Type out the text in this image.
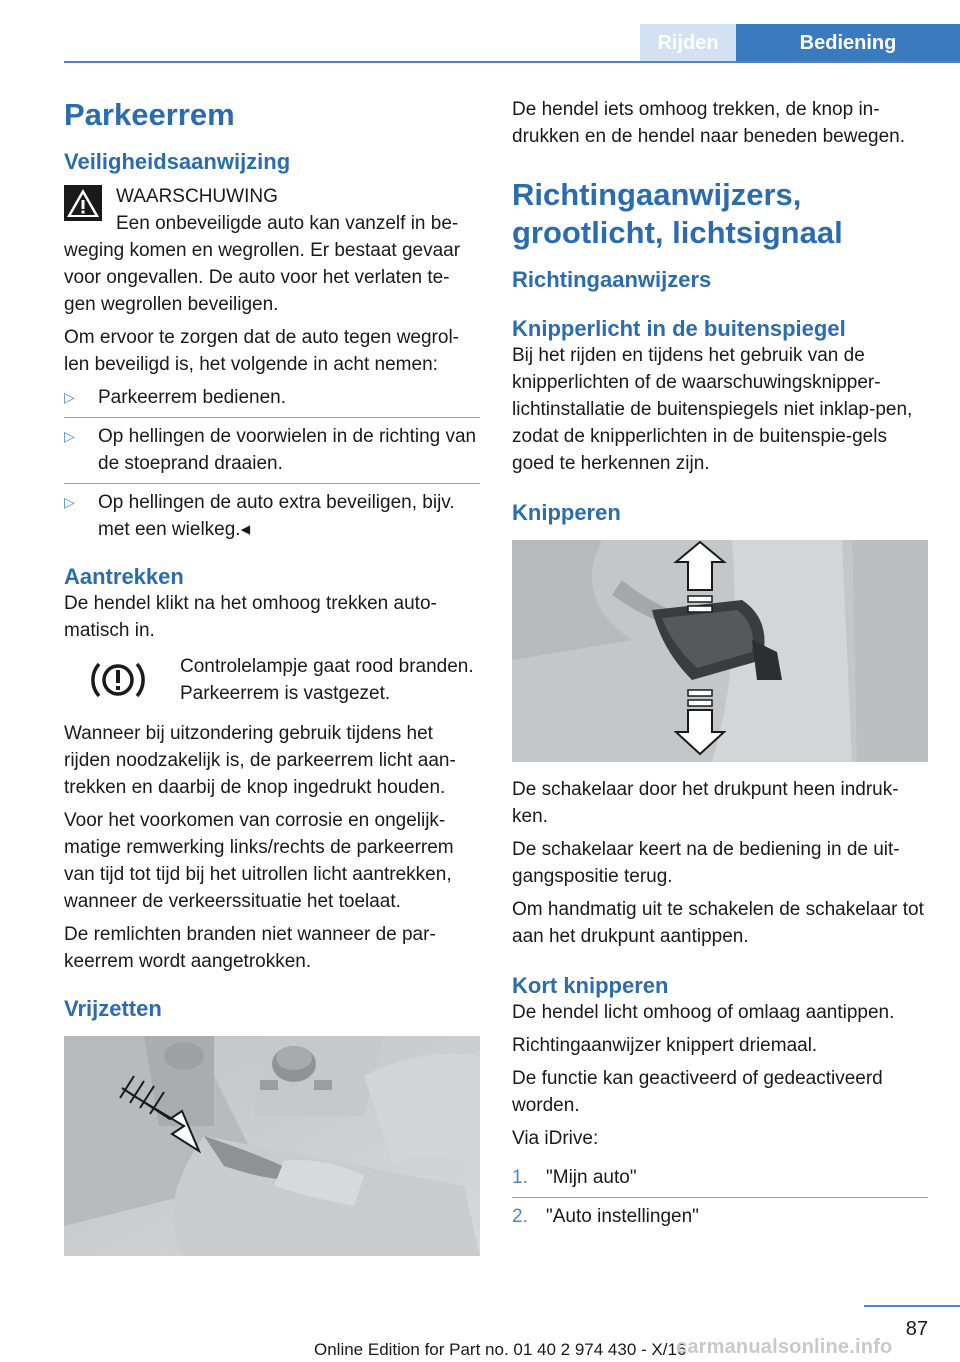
Rijden	Bediening
Parkeerrem
Veiligheidsaanwijzing

WAARSCHUWING

Een onbeveiligde auto kan vanzelf in be-weging komen en wegrollen. Er bestaat gevaar voor ongevallen. De auto voor het verlaten te-gen wegrollen beveiligen.

Om ervoor te zorgen dat de auto tegen wegrol-len beveiligd is, het volgende in acht nemen:

▷ Parkeerrem bedienen.
▷ Op hellingen de voorwielen in de richting van de stoeprand draaien.
▷ Op hellingen de auto extra beveiligen, bijv. met een wielkeg.◂
Aantrekken

De hendel klikt na het omhoog trekken auto-matisch in.

Controlelampje gaat rood branden. Parkeerrem is vastgezet.

Wanneer bij uitzondering gebruik tijdens het rijden noodzakelijk is, de parkeerrem licht aan-trekken en daarbij de knop ingedrukt houden.

Voor het voorkomen van corrosie en ongelijk-matige remwerking links/rechts de parkeerrem van tijd tot tijd bij het uitrollen licht aantrekken, wanneer de verkeerssituatie het toelaat.

De remlichten branden niet wanneer de par-keerrem wordt aangetrokken.

Vrijzetten

De hendel iets omhoog trekken, de knop in-drukken en de hendel naar beneden bewegen.

Richtingaanwijzers, grootlicht, lichtsignaal
Richtingaanwijzers
Knipperlicht in de buitenspiegel

Bij het rijden en tijdens het gebruik van de knipperlichten of de waarschuwingsknipper-lichtinstallatie de buitenspiegels niet inklap-pen, zodat de knipperlichten in de buitenspie-gels goed te herkennen zijn.

Knipperen

De schakelaar door het drukpunt heen indruk-ken.

De schakelaar keert na de bediening in de uit-gangspositie terug.

Om handmatig uit te schakelen de schakelaar tot aan het drukpunt aantippen.

Kort knipperen

De hendel licht omhoog of omlaag aantippen.

Richtingaanwijzer knippert driemaal.

De functie kan geactiveerd of gedeactiveerd worden.

Via iDrive:

1. "Mijn auto"
2. "Auto instellingen"
87
Online Edition for Part no. 01 40 2 974 430 - X/16
carmanualsonline.info
